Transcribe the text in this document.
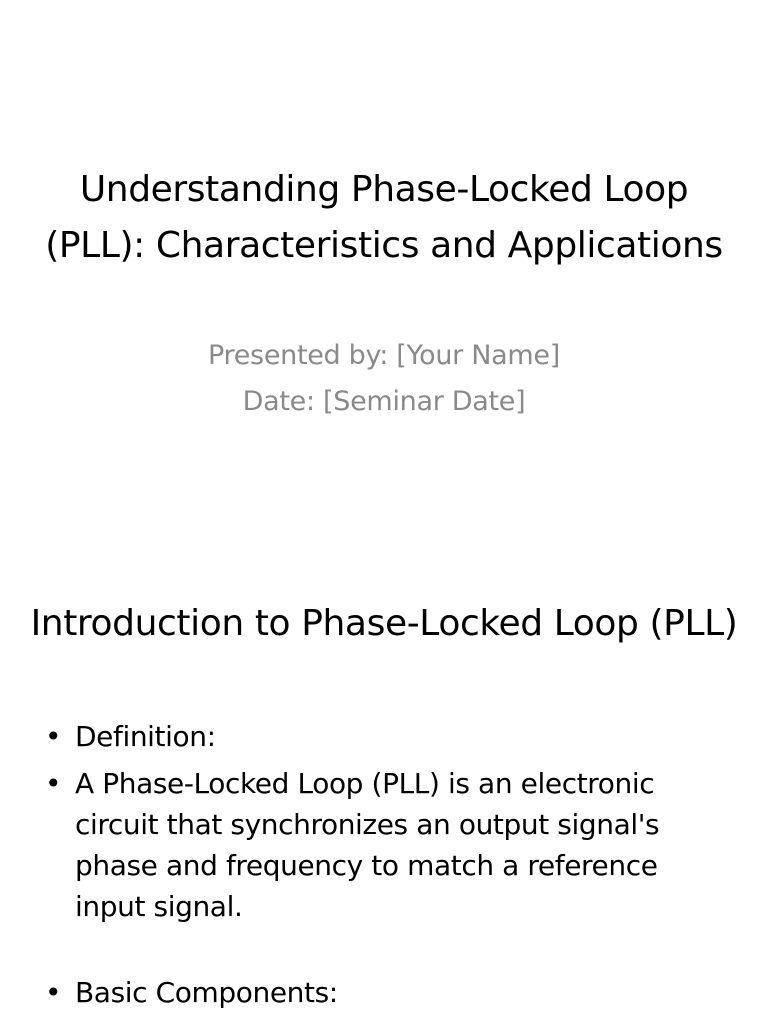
Understanding Phase-Locked Loop (PLL): Characteristics and Applications
Presented by: [Your Name]
Date: [Seminar Date]
Introduction to Phase-Locked Loop (PLL)
• Definition:
• A Phase-Locked Loop (PLL) is an electronic circuit that synchronizes an output signal's phase and frequency to match a reference input signal.
• Basic Components:
